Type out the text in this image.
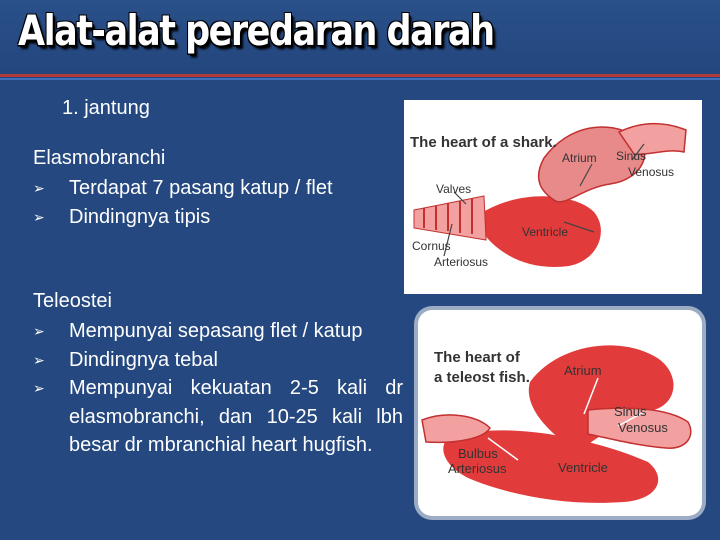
Alat-alat peredaran darah
1. jantung
Elasmobranchi
➢ Terdapat 7 pasang katup / flet
➢ Dindingnya tipis
Teleostei
➢ Mempunyai sepasang flet / katup
➢ Dindingnya tebal
➢ Mempunyai kekuatan 2-5 kali dr elasmobranchi, dan 10-25 kali lbh besar dr mbranchial heart hugfish.
The heart of a shark.
Atrium Sinus
Venosus
Valves
Ventricle
Cornus
Arteriosus
The heart of
a teleost fish.	Atrium
Sinus
Venosus
Bulbus
Arteriosus	Ventricle
